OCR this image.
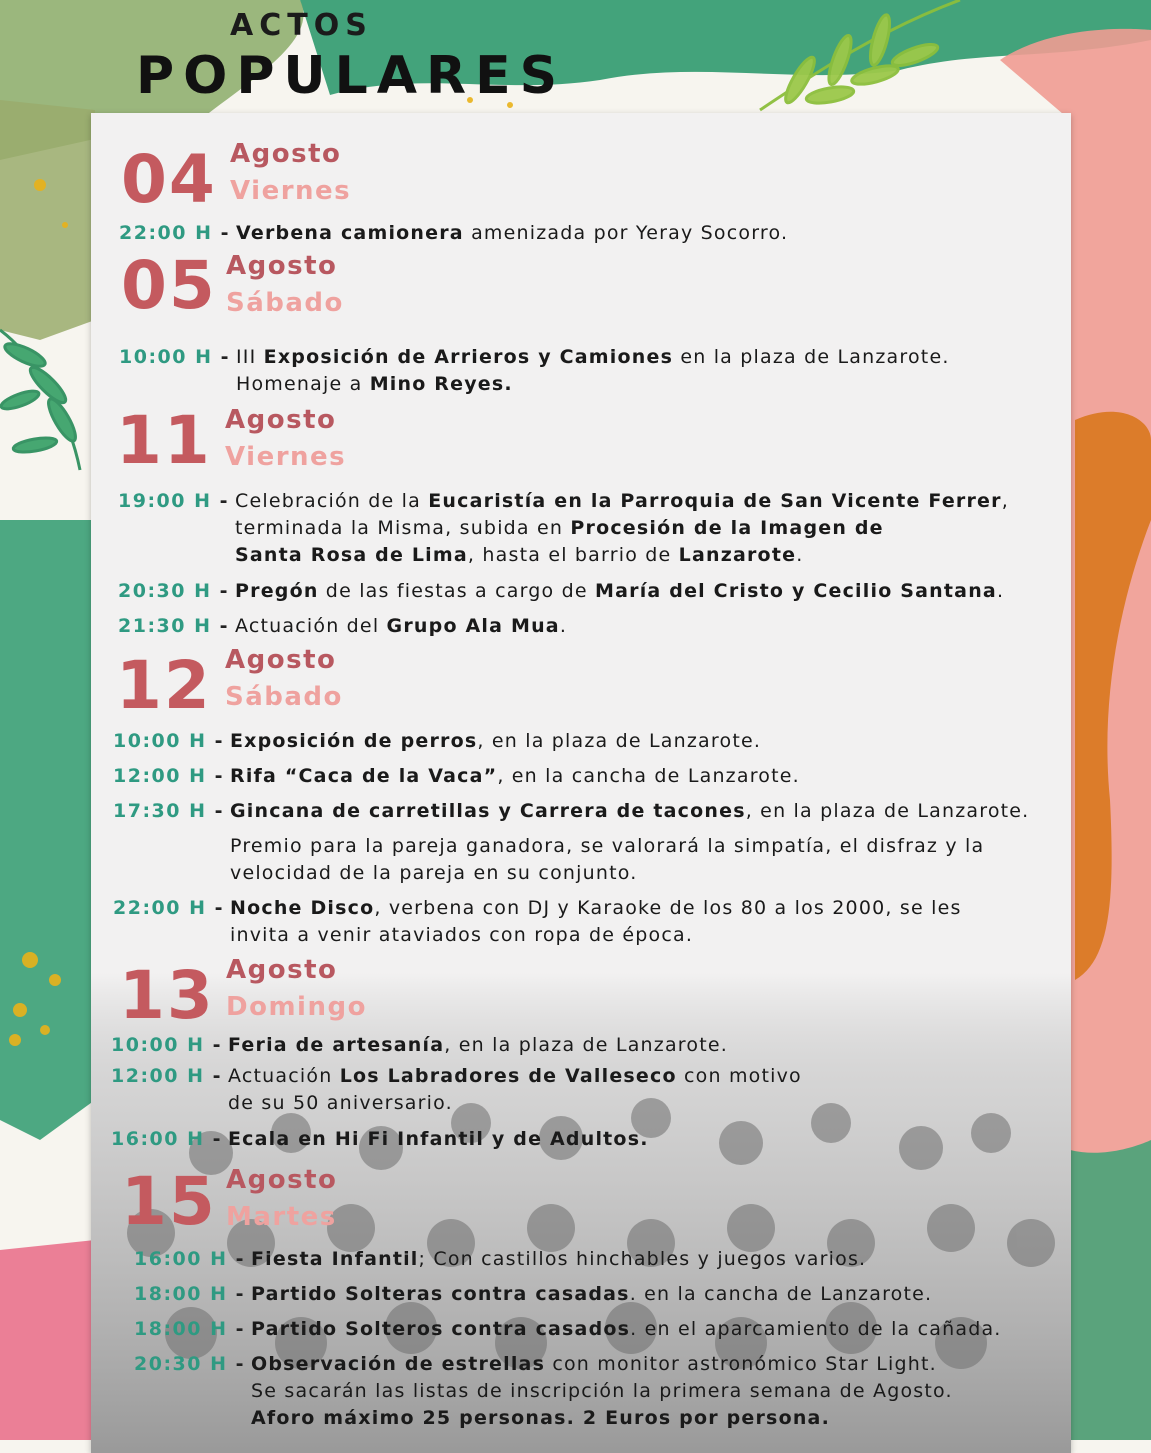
ACTOS
POPULARES
04 Agosto
Viernes
22:00 H - Verbena camionera amenizada por Yeray Socorro.
05 Agosto
Sábado
10:00 H - III Exposición de Arrieros y Camiones en la plaza de Lanzarote.
Homenaje a Mino Reyes.
11 Agosto
Viernes
19:00 H - Celebración de la Eucaristía en la Parroquia de San Vicente Ferrer,
terminada la Misma, subida en Procesión de la Imagen de
Santa Rosa de Lima, hasta el barrio de Lanzarote.
20:30 H - Pregón de las fiestas a cargo de María del Cristo y Cecilio Santana.
21:30 H - Actuación del Grupo Ala Mua.
12 Agosto
Sábado
10:00 H - Exposición de perros, en la plaza de Lanzarote.
12:00 H - Rifa “Caca de la Vaca”, en la cancha de Lanzarote.
17:30 H - Gincana de carretillas y Carrera de tacones, en la plaza de Lanzarote.
Premio para la pareja ganadora, se valorará la simpatía, el disfraz y la
velocidad de la pareja en su conjunto.
22:00 H - Noche Disco, verbena con DJ y Karaoke de los 80 a los 2000, se les
invita a venir ataviados con ropa de época.
13 Agosto
Domingo
10:00 H - Feria de artesanía, en la plaza de Lanzarote.
12:00 H - Actuación Los Labradores de Valleseco con motivo
de su 50 aniversario.
16:00 H - Ecala en Hi Fi Infantil y de Adultos.
15 Agosto
Martes
16:00 H - Fiesta Infantil; Con castillos hinchables y juegos varios.
18:00 H - Partido Solteras contra casadas. en la cancha de Lanzarote.
18:00 H - Partido Solteros contra casados. en el aparcamiento de la cañada.
20:30 H - Observación de estrellas con monitor astronómico Star Light.
Se sacarán las listas de inscripción la primera semana de Agosto.
Aforo máximo 25 personas. 2 Euros por persona.
